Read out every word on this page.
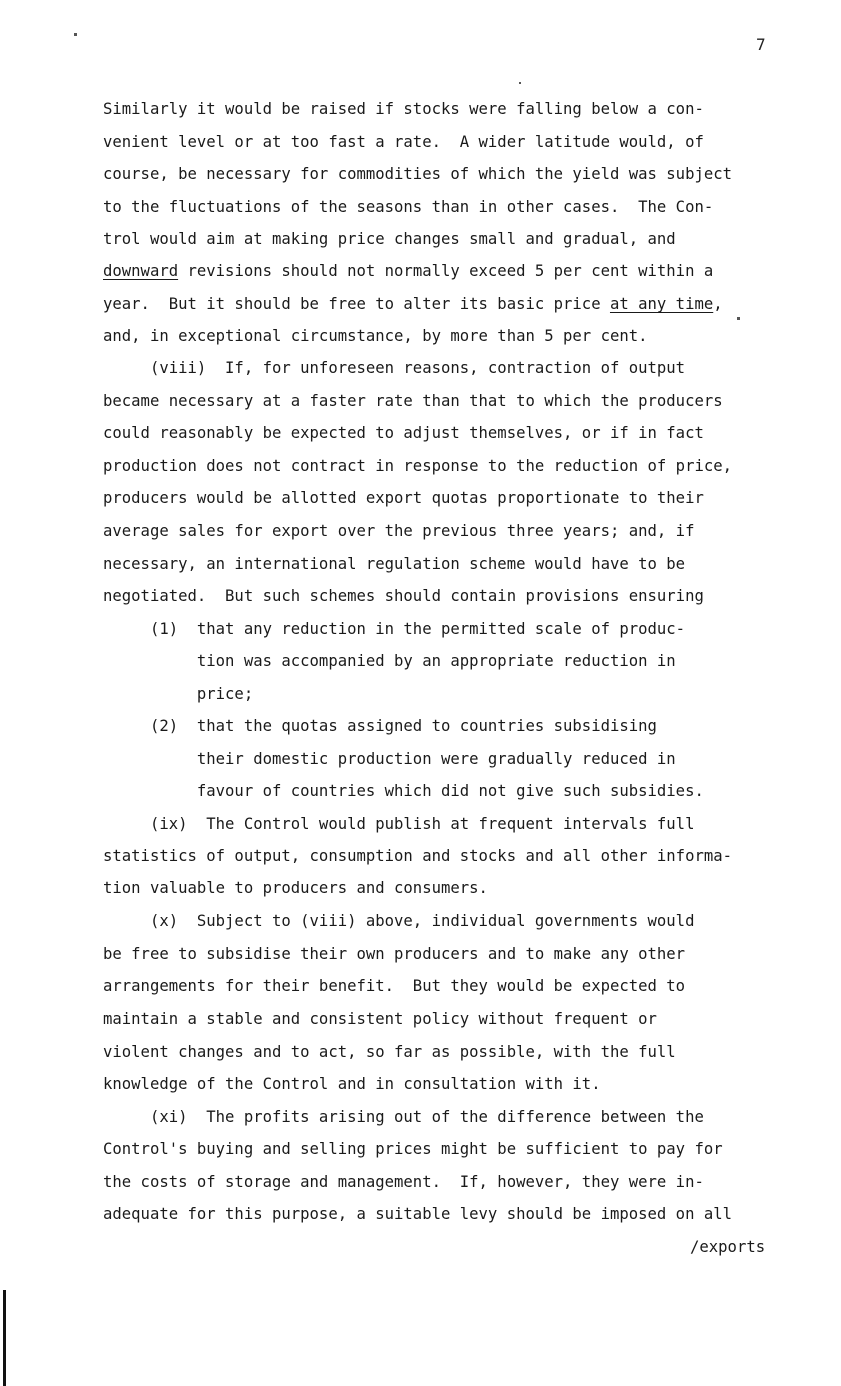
7
Similarly it would be raised if stocks were falling below a con-
venient level or at too fast a rate.  A wider latitude would, of
course, be necessary for commodities of which the yield was subject
to the fluctuations of the seasons than in other cases.  The Con-
trol would aim at making price changes small and gradual, and
downward revisions should not normally exceed 5 per cent within a
year.  But it should be free to alter its basic price at any time,
and, in exceptional circumstance, by more than 5 per cent.
(viii)  If, for unforeseen reasons, contraction of output
became necessary at a faster rate than that to which the producers
could reasonably be expected to adjust themselves, or if in fact
production does not contract in response to the reduction of price,
producers would be allotted export quotas proportionate to their
average sales for export over the previous three years; and, if
necessary, an international regulation scheme would have to be
negotiated.  But such schemes should contain provisions ensuring
(1)  that any reduction in the permitted scale of produc-
tion was accompanied by an appropriate reduction in
price;
(2)  that the quotas assigned to countries subsidising
their domestic production were gradually reduced in
favour of countries which did not give such subsidies.
(ix)  The Control would publish at frequent intervals full
statistics of output, consumption and stocks and all other informa-
tion valuable to producers and consumers.
(x)  Subject to (viii) above, individual governments would
be free to subsidise their own producers and to make any other
arrangements for their benefit.  But they would be expected to
maintain a stable and consistent policy without frequent or
violent changes and to act, so far as possible, with the full
knowledge of the Control and in consultation with it.
(xi)  The profits arising out of the difference between the
Control's buying and selling prices might be sufficient to pay for
the costs of storage and management.  If, however, they were in-
adequate for this purpose, a suitable levy should be imposed on all
/exports
